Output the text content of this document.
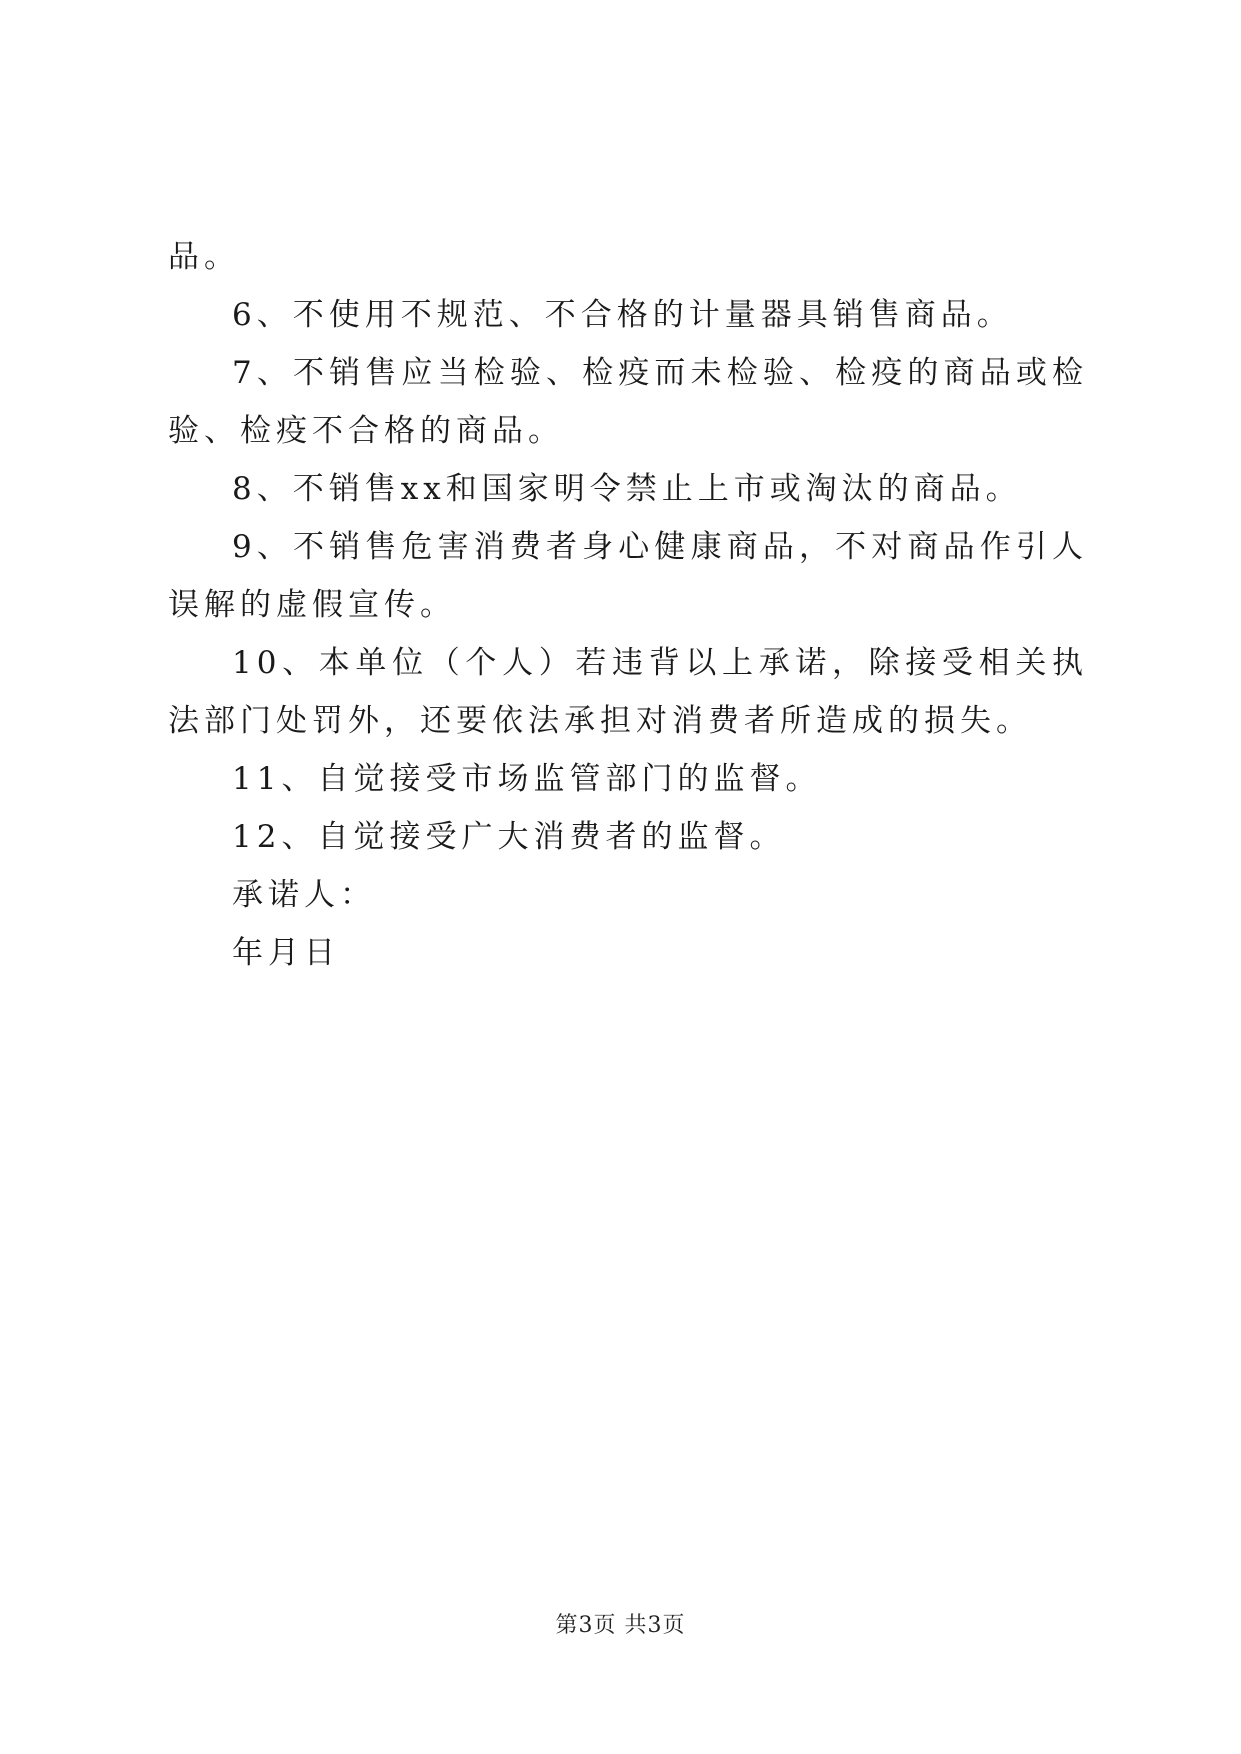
品。

6、不使用不规范、不合格的计量器具销售商品。

7、不销售应当检验、检疫而未检验、检疫的商品或检验、检疫不合格的商品。

8、不销售xx和国家明令禁止上市或淘汰的商品。

9、不销售危害消费者身心健康商品，不对商品作引人误解的虚假宣传。

10、本单位（个人）若违背以上承诺，除接受相关执法部门处罚外，还要依法承担对消费者所造成的损失。

11、自觉接受市场监管部门的监督。

12、自觉接受广大消费者的监督。

承诺人：

年月日

第3页 共3页
